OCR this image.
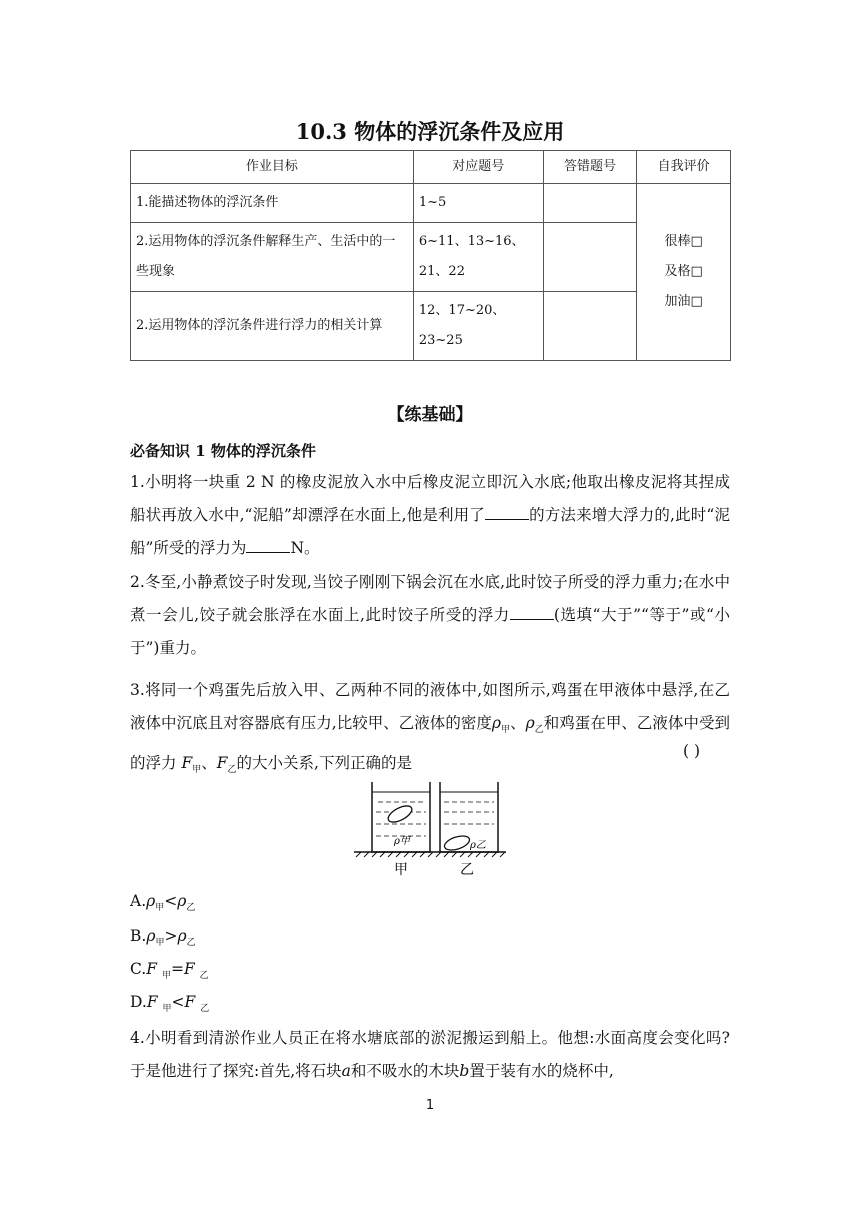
10.3 物体的浮沉条件及应用
作业目标	对应题号	答错题号	自我评价
1.能描述物体的浮沉条件	1~5		很棒□
及格□
加油□

2.运用物体的浮沉条件解释生产、生活中的一些现象	6~11、13~16、21、22		
2.运用物体的浮沉条件进行浮力的相关计算	12、17~20、23~25		
【练基础】
必备知识 1 物体的浮沉条件
1.小明将一块重 2 N 的橡皮泥放入水中后橡皮泥立即沉入水底;他取出橡皮泥将其捏成船状再放入水中,“泥船”却漂浮在水面上,他是利用了	的方法来增大浮力的,此时“泥船”所受的浮力为	N。
2.冬至,小静煮饺子时发现,当饺子刚刚下锅会沉在水底,此时饺子所受的浮力重力;在水中煮一会儿,饺子就会胀浮在水面上,此时饺子所受的浮力	(选填“大于”“等于”或“小于”)重力。
3.将同一个鸡蛋先后放入甲、乙两种不同的液体中,如图所示,鸡蛋在甲液体中悬浮,在乙液体中沉底且对容器底有压力,比较甲、乙液体的密度$\rho_甲$、$\rho_乙$和鸡蛋在甲、乙液体中受到的浮力 $F_甲$、$F_乙$的大小关系,下列正确的是
( )
ρ甲	ρ乙
甲	乙
$A.\rho_甲<\rho_乙$
$B.\rho_甲>\rho_乙$
C.F $_甲$=F $_乙$
D.F $_甲$<F $_乙$
4.小明看到清淤作业人员正在将水塘底部的淤泥搬运到船上。他想:水面高度会变化吗?于是他进行了探究:首先,将石块a和不吸水的木块b置于装有水的烧杯中,
1
